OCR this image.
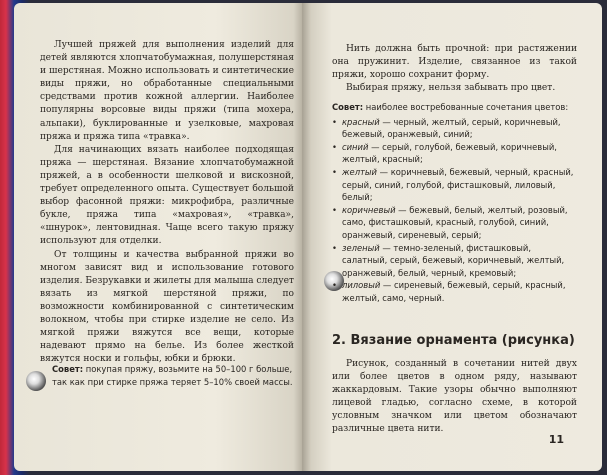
Лучшей пряжей для выполнения изделий для детей являются хлопчатобумажная, полушерстяная и шерстяная. Можно использовать и синтетические виды пряжи, но обработанные специальными средствами против кожной аллергии. Наиболее популярны ворсовые виды пряжи (типа мохера, альпаки), буклированные и узелковые, махровая пряжа и пряжа типа «травка».

Для начинающих вязать наиболее подходящая пряжа — шерстяная. Вязание хлопчатобумажной пряжей, а в особенности шелковой и вискозной, требует определенного опыта. Существует большой выбор фасонной пряжи: микрофибра, различные букле, пряжа типа «махровая», «травка», «шнурок», лентовидная. Чаще всего такую пряжу используют для отделки.

От толщины и качества выбранной пряжи во многом зависят вид и использование готового изделия. Безрукавки и жилеты для малыша следует вязать из мягкой шерстяной пряжи, по возможности комбинированной с синтетическим волокном, чтобы при стирке изделие не село. Из мягкой пряжи вяжутся все вещи, которые надевают прямо на белье. Из более жесткой вяжутся носки и гольфы, юбки и брюки.

Совет: покупая пряжу, возьмите на 50–100 г больше, так как при стирке пряжа теряет 5–10% своей массы.

Нить должна быть прочной: при растяжении она пружинит. Изделие, связанное из такой пряжи, хорошо сохранит форму.

Выбирая пряжу, нельзя забывать про цвет.

Совет: наиболее востребованные сочетания цветов:

• красный — черный, желтый, серый, коричневый, бежевый, оранжевый, синий;
• синий — серый, голубой, бежевый, коричневый, желтый, красный;
• желтый — коричневый, бежевый, черный, красный, серый, синий, голубой, фисташковый, лиловый, белый;
• коричневый — бежевый, белый, желтый, розовый, само, фисташковый, красный, голубой, синий, оранжевый, сиреневый, серый;
• зеленый — темно-зеленый, фисташковый, салатный, серый, бежевый, коричневый, желтый, оранжевый, белый, черный, кремовый;
• лиловый — сиреневый, бежевый, серый, красный, желтый, само, черный.
2. Вязание орнамента (рисунка)

Рисунок, созданный в сочетании нитей двух или более цветов в одном ряду, называют жаккардовым. Такие узоры обычно выполняют лицевой гладью, согласно схеме, в которой условным значком или цветом обозначают различные цвета нити.

11
